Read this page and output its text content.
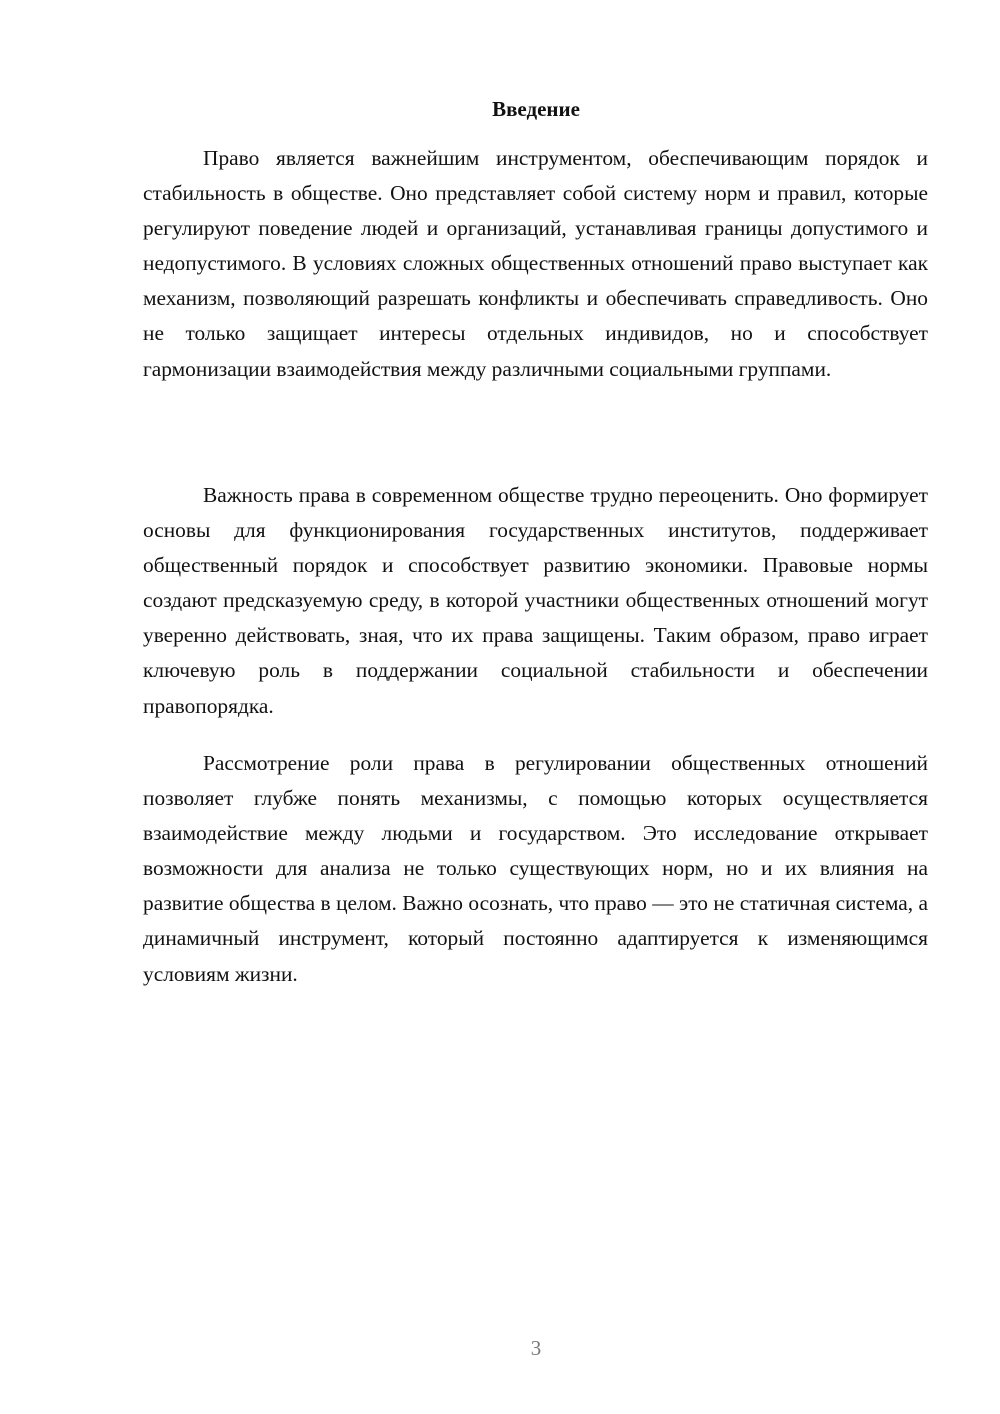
Введение

Право является важнейшим инструментом, обеспечивающим порядок и стабильность в обществе. Оно представляет собой систему норм и правил, которые регулируют поведение людей и организаций, устанавливая границы допустимого и недопустимого. В условиях сложных общественных отношений право выступает как механизм, позволяющий разрешать конфликты и обеспечивать справедливость. Оно не только защищает интересы отдельных индивидов, но и способствует гармонизации взаимодействия между различными социальными группами.

Важность права в современном обществе трудно переоценить. Оно формирует основы для функционирования государственных институтов, поддерживает общественный порядок и способствует развитию экономики. Правовые нормы создают предсказуемую среду, в которой участники общественных отношений могут уверенно действовать, зная, что их права защищены. Таким образом, право играет ключевую роль в поддержании социальной стабильности и обеспечении правопорядка.

Рассмотрение роли права в регулировании общественных отношений позволяет глубже понять механизмы, с помощью которых осуществляется взаимодействие между людьми и государством. Это исследование открывает возможности для анализа не только существующих норм, но и их влияния на развитие общества в целом. Важно осознать, что право — это не статичная система, а динамичный инструмент, который постоянно адаптируется к изменяющимся условиям жизни.

3
